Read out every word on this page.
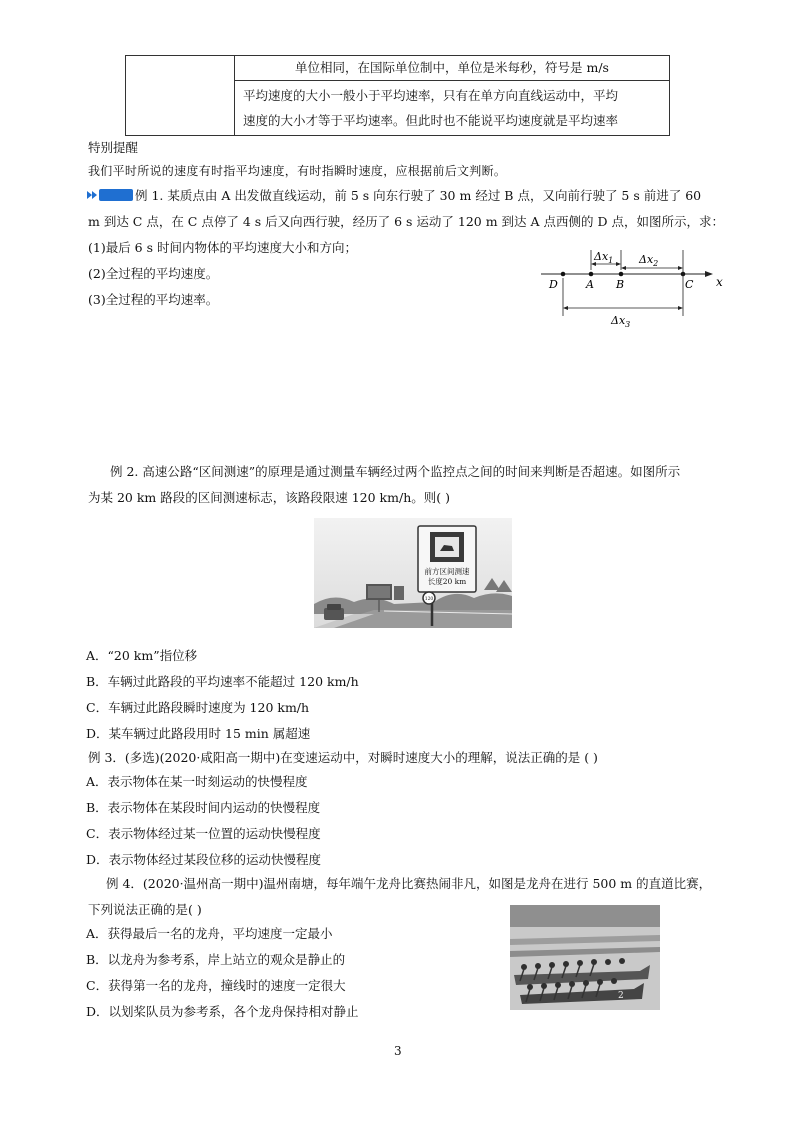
	单位相同，在国际单位制中，单位是米每秒，符号是 m/s

平均速度的大小一般小于平均速率，只有在单方向直线运动中，平均
速度的大小才等于平均速率。但此时也不能说平均速度就是平均速率
特别提醒
我们平时所说的速度有时指平均速度，有时指瞬时速度，应根据前后文判断。
例 1. 某质点由 A 出发做直线运动，前 5 s 向东行驶了 30 m 经过 B 点，又向前行驶了 5 s 前进了 60
m 到达 C 点，在 C 点停了 4 s 后又向西行驶，经历了 6 s 运动了 120 m 到达 A 点西侧的 D 点，如图所示，求：
(1)最后 6 s 时间内物体的平均速度大小和方向；
(2)全过程的平均速度。
(3)全过程的平均速率。
x
D	A B	C
$\Delta x_1$ $\Delta x_2$
$\Delta x_3$
例 2. 高速公路“区间测速”的原理是通过测量车辆经过两个监控点之间的时间来判断是否超速。如图所示
为某 20 km 路段的区间测速标志，该路段限速 120 km/h。则( )
前方区间测速
长度20 km
120
A．“20 km”指位移
B．车辆过此路段的平均速率不能超过 120 km/h
C．车辆过此路段瞬时速度为 120 km/h
D．某车辆过此路段用时 15 min 属超速
例 3．(多选)(2020·咸阳高一期中)在变速运动中，对瞬时速度大小的理解，说法正确的是 ( )
A．表示物体在某一时刻运动的快慢程度
B．表示物体在某段时间内运动的快慢程度
C．表示物体经过某一位置的运动快慢程度
D．表示物体经过某段位移的运动快慢程度
例 4．(2020·温州高一期中)温州南塘，每年端午龙舟比赛热闹非凡，如图是龙舟在进行 500 m 的直道比赛，
下列说法正确的是( )
A．获得最后一名的龙舟，平均速度一定最小
B．以龙舟为参考系，岸上站立的观众是静止的
C．获得第一名的龙舟，撞线时的速度一定很大
D．以划桨队员为参考系，各个龙舟保持相对静止
2
3
